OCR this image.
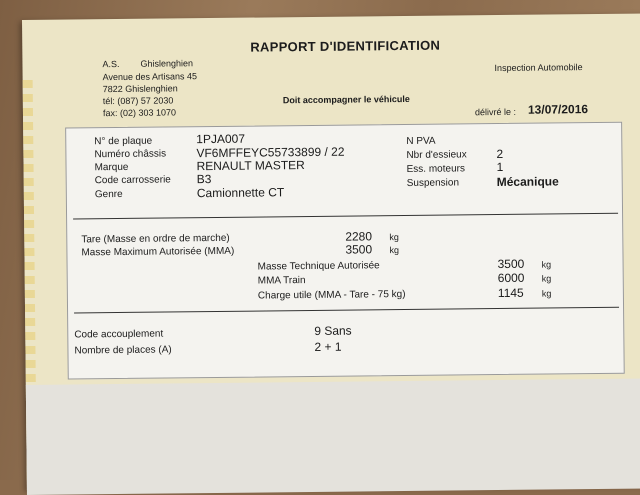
RAPPORT D'IDENTIFICATION
A.S. Ghislenghien
Avenue des Artisans 45
7822 Ghislenghien
tél: (087) 57 2030
fax: (02) 303 1070
Doit accompagner le véhicule
Inspection Automobile
délivré le : 13/07/2016
N° de plaque	1PJA007
Numéro châssis	VF6MFFEYC55733899 / 22
Marque	RENAULT MASTER
Code carrosserie B3
Genre	Camionnette CT
N PVA
Nbr d'essieux 2
Ess. moteurs	1
Suspension	Mécanique
Tare (Masse en ordre de marche)	2280 kg
Masse Maximum Autorisée (MMA)	3500 kg
Masse Technique Autorisée	3500 kg
MMA Train	6000 kg
Charge utile (MMA - Tare - 75 kg)	1145 kg
Code accouplement	9 Sans
Nombre de places (A)	2 + 1
